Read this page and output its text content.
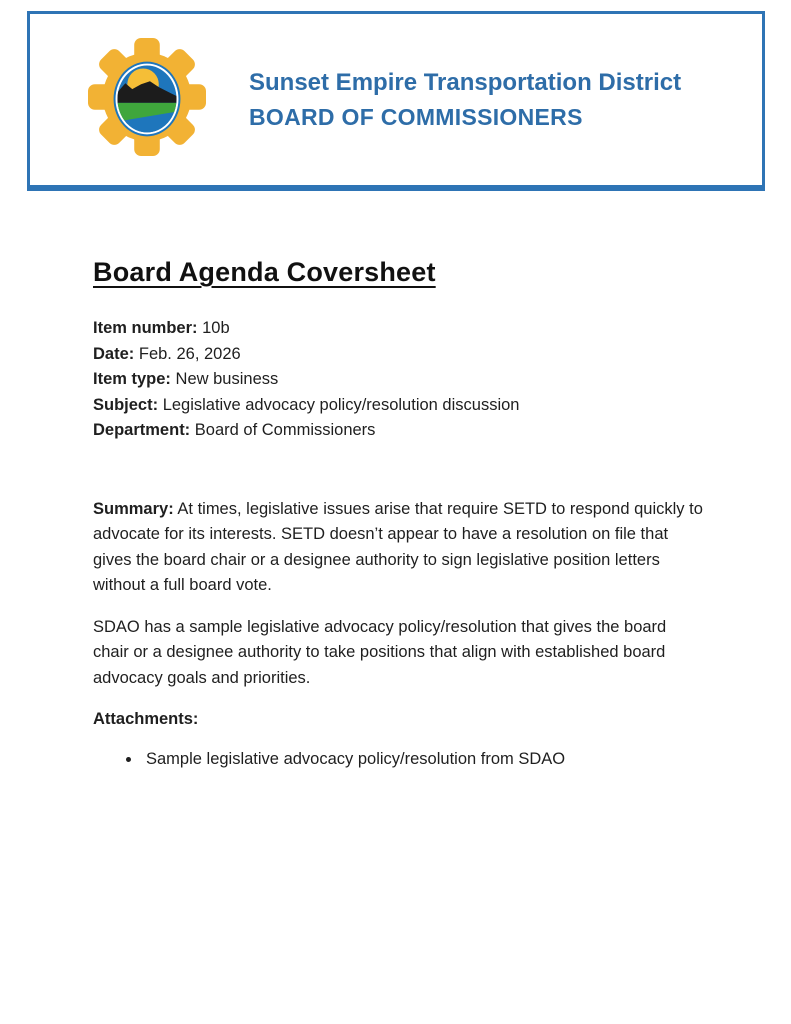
Sunset Empire Transportation District
BOARD OF COMMISSIONERS
Board Agenda Coversheet
Item number: 10b
Date: Feb. 26, 2026
Item type: New business
Subject: Legislative advocacy policy/resolution discussion
Department: Board of Commissioners

Summary: At times, legislative issues arise that require SETD to respond quickly to advocate for its interests. SETD doesn’t appear to have a resolution on file that gives the board chair or a designee authority to sign legislative position letters without a full board vote.

SDAO has a sample legislative advocacy policy/resolution that gives the board chair or a designee authority to take positions that align with established board advocacy goals and priorities.

Attachments:

• Sample legislative advocacy policy/resolution from SDAO
